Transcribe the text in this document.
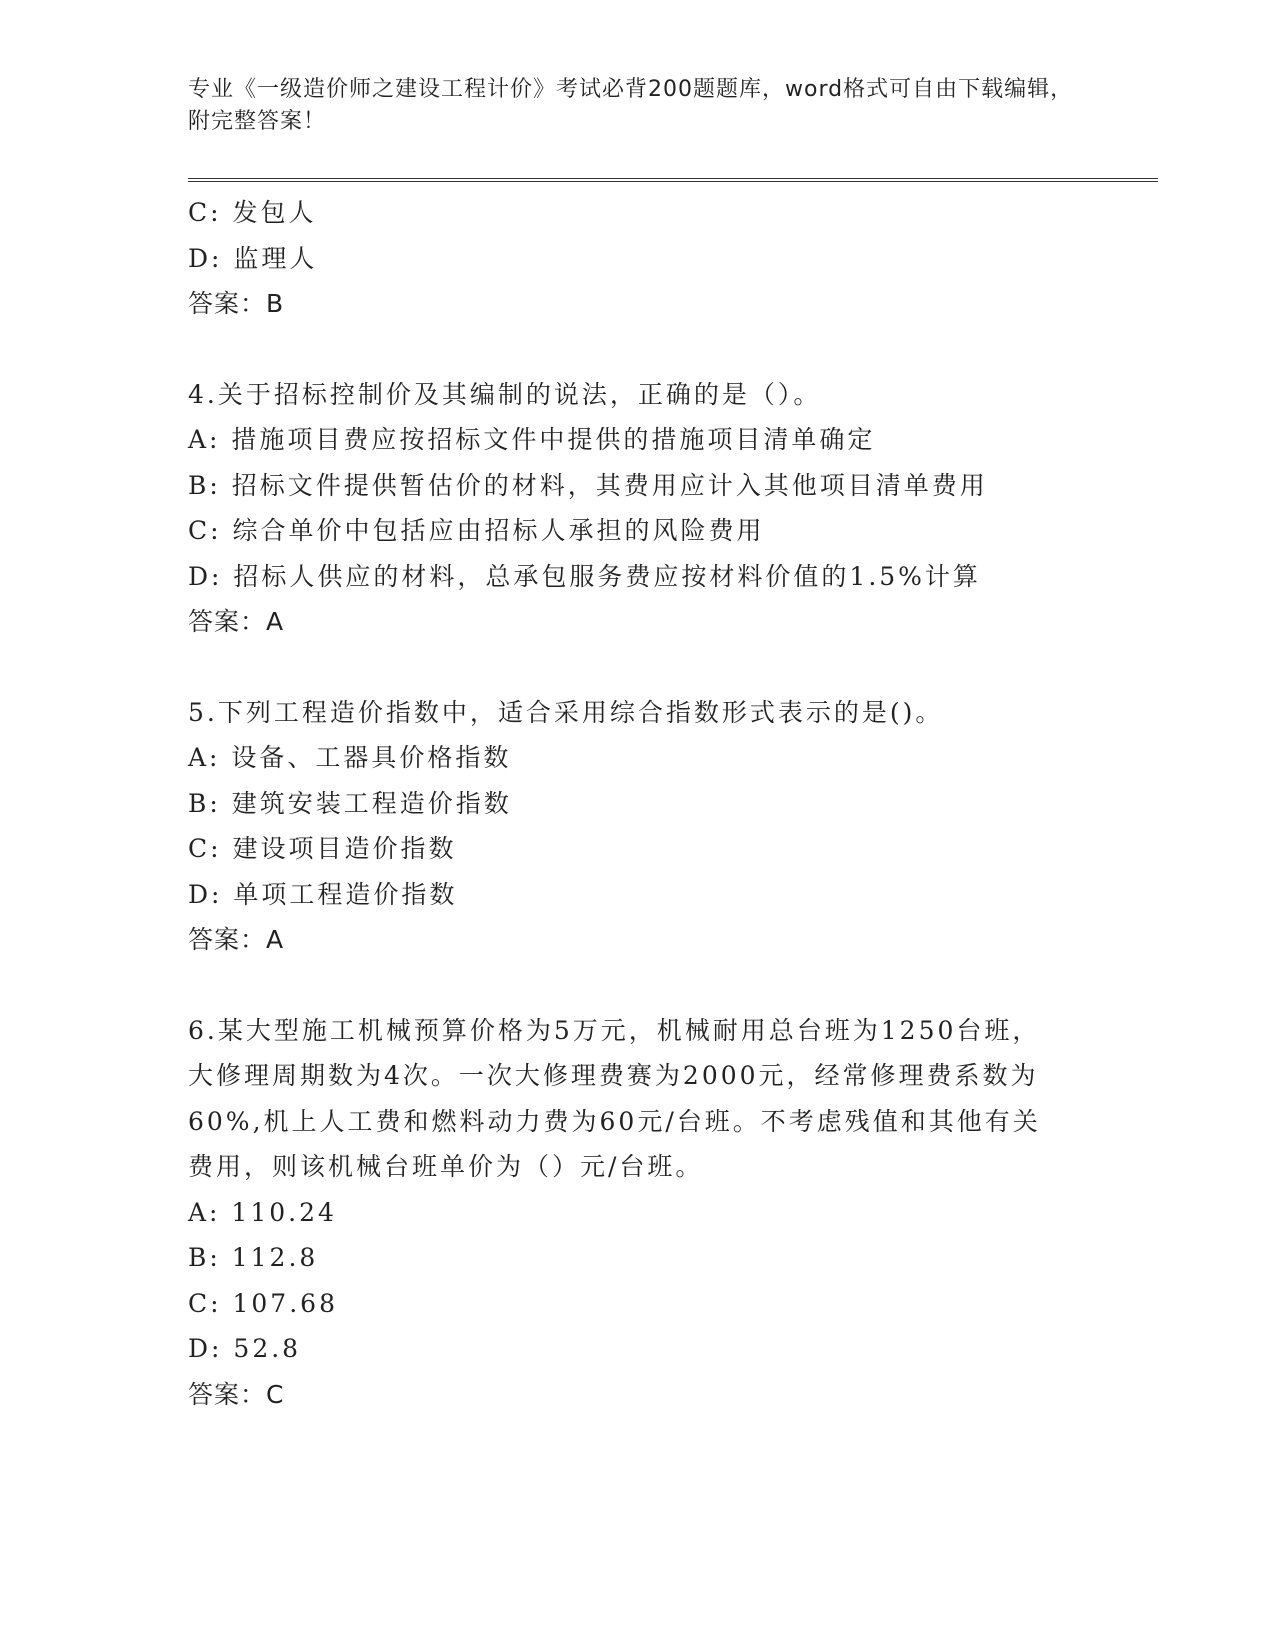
专业《一级造价师之建设工程计价》考试必背200题题库，word格式可自由下载编辑，附完整答案！

C: 发包人

D: 监理人

答案：B

4.关于招标控制价及其编制的说法，正确的是（）。

A: 措施项目费应按招标文件中提供的措施项目清单确定

B: 招标文件提供暂估价的材料，其费用应计入其他项目清单费用

C: 综合单价中包括应由招标人承担的风险费用

D: 招标人供应的材料，总承包服务费应按材料价值的1.5%计算

答案：A

5.下列工程造价指数中，适合采用综合指数形式表示的是()。

A: 设备、工器具价格指数

B: 建筑安装工程造价指数

C: 建设项目造价指数

D: 单项工程造价指数

答案：A

6.某大型施工机械预算价格为5万元，机械耐用总台班为1250台班，大修理周期数为4次。一次大修理费赛为2000元，经常修理费系数为60%,机上人工费和燃料动力费为60元/台班。不考虑残值和其他有关费用，则该机械台班单价为（）元/台班。

A: 110.24

B: 112.8

C: 107.68

D: 52.8

答案：C
